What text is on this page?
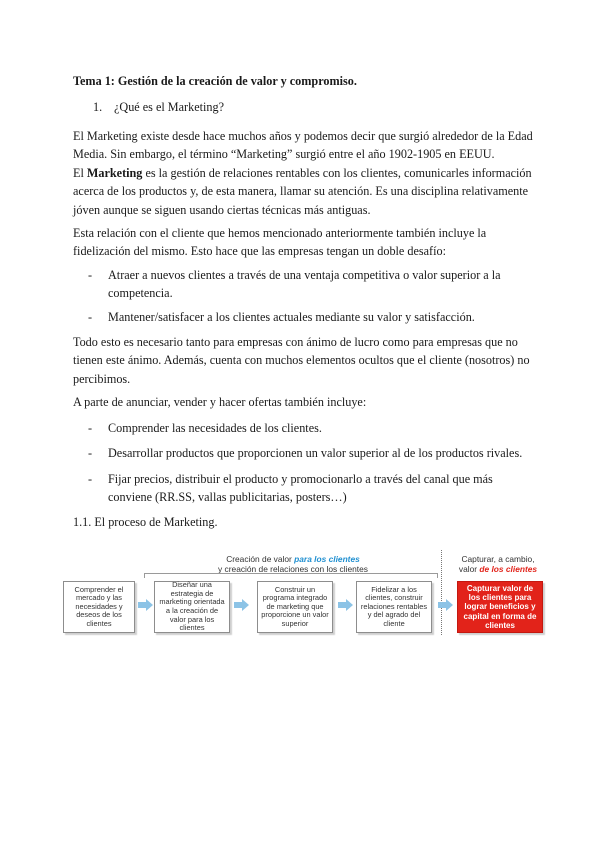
Tema 1: Gestión de la creación de valor y compromiso.
1. ¿Qué es el Marketing?

El Marketing existe desde hace muchos años y podemos decir que surgió alrededor de la Edad Media. Sin embargo, el término “Marketing” surgió entre el año 1902-1905 en EEUU.

El Marketing es la gestión de relaciones rentables con los clientes, comunicarles información acerca de los productos y, de esta manera, llamar su atención. Es una disciplina relativamente jóven aunque se siguen usando ciertas técnicas más antiguas.

Esta relación con el cliente que hemos mencionado anteriormente también incluye la fidelización del mismo. Esto hace que las empresas tengan un doble desafío:

- Atraer a nuevos clientes a través de una ventaja competitiva o valor superior a la competencia.
- Mantener/satisfacer a los clientes actuales mediante su valor y satisfacción.

Todo esto es necesario tanto para empresas con ánimo de lucro como para empresas que no tienen este ánimo. Además, cuenta con muchos elementos ocultos que el cliente (nosotros) no percibimos.

A parte de anunciar, vender y hacer ofertas también incluye:

- Comprender las necesidades de los clientes.
- Desarrollar productos que proporcionen un valor superior al de los productos rivales.
- Fijar precios, distribuir el producto y promocionarlo a través del canal que más conviene (RR.SS, vallas publicitarias, posters…)
1.1. El proceso de Marketing.
Creación de valor para los clientes
y creación de relaciones con los clientes
Capturar, a cambio,
valor de los clientes
Comprender el mercado y las necesidades y deseos de los clientes
Diseñar una estrategia de marketing orientada a la creación de valor para los clientes
Construir un programa integrado de marketing que proporcione un valor superior
Fidelizar a los clientes, construir relaciones rentables y del agrado del cliente
Capturar valor de los clientes para lograr beneficios y capital en forma de clientes
